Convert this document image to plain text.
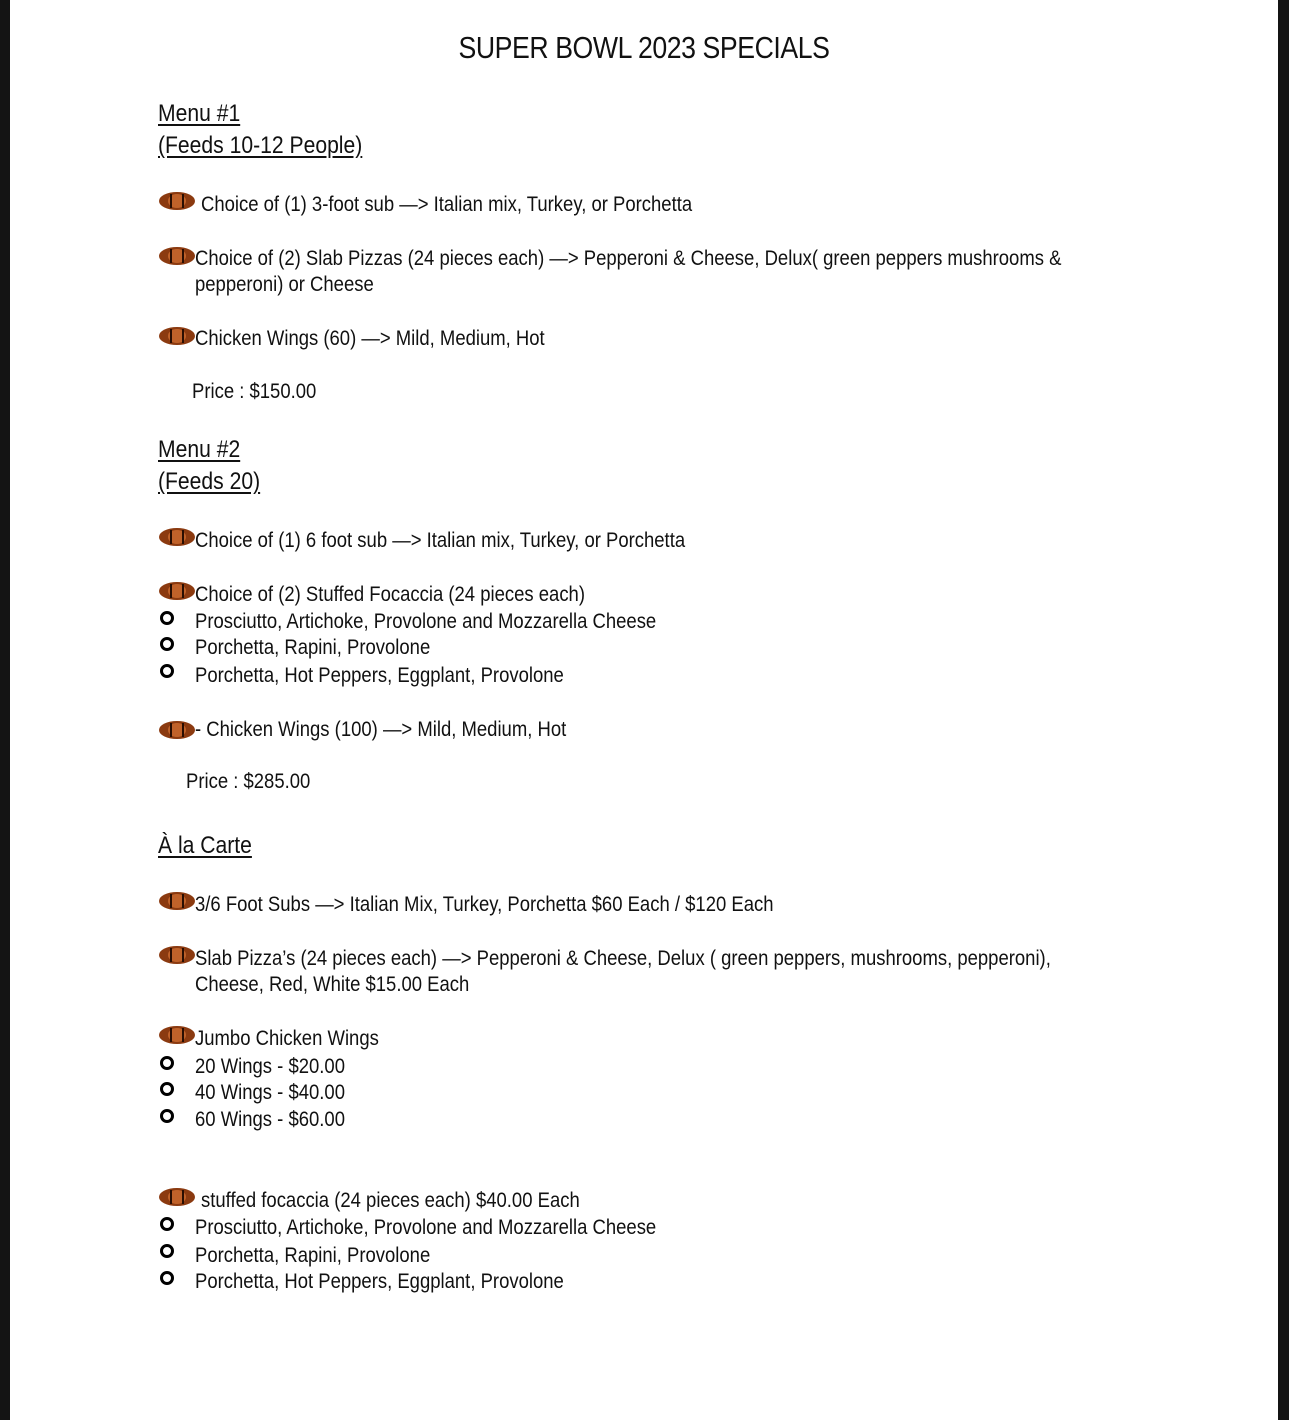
SUPER BOWL 2023 SPECIALS
Menu #1
(Feeds 10-12 People)
Choice of (1) 3-foot sub —> Italian mix, Turkey, or Porchetta
Choice of (2) Slab Pizzas (24 pieces each) —> Pepperoni & Cheese, Delux( green peppers mushrooms & pepperoni) or Cheese
Chicken Wings (60) —> Mild, Medium, Hot
Price : $150.00
Menu #2
(Feeds 20)
Choice of (1) 6 foot sub —> Italian mix, Turkey, or Porchetta
Choice of (2) Stuffed Focaccia (24 pieces each)
Prosciutto, Artichoke, Provolone and Mozzarella Cheese
Porchetta, Rapini, Provolone
Porchetta, Hot Peppers, Eggplant, Provolone
- Chicken Wings (100) —> Mild, Medium, Hot
Price : $285.00
À la Carte
3/6 Foot Subs —> Italian Mix, Turkey, Porchetta $60 Each / $120 Each
Slab Pizza’s (24 pieces each) —> Pepperoni & Cheese, Delux ( green peppers, mushrooms, pepperoni), Cheese, Red, White $15.00 Each
Jumbo Chicken Wings
20 Wings - $20.00
40 Wings - $40.00
60 Wings - $60.00
stuffed focaccia (24 pieces each) $40.00 Each
Prosciutto, Artichoke, Provolone and Mozzarella Cheese
Porchetta, Rapini, Provolone
Porchetta, Hot Peppers, Eggplant, Provolone
